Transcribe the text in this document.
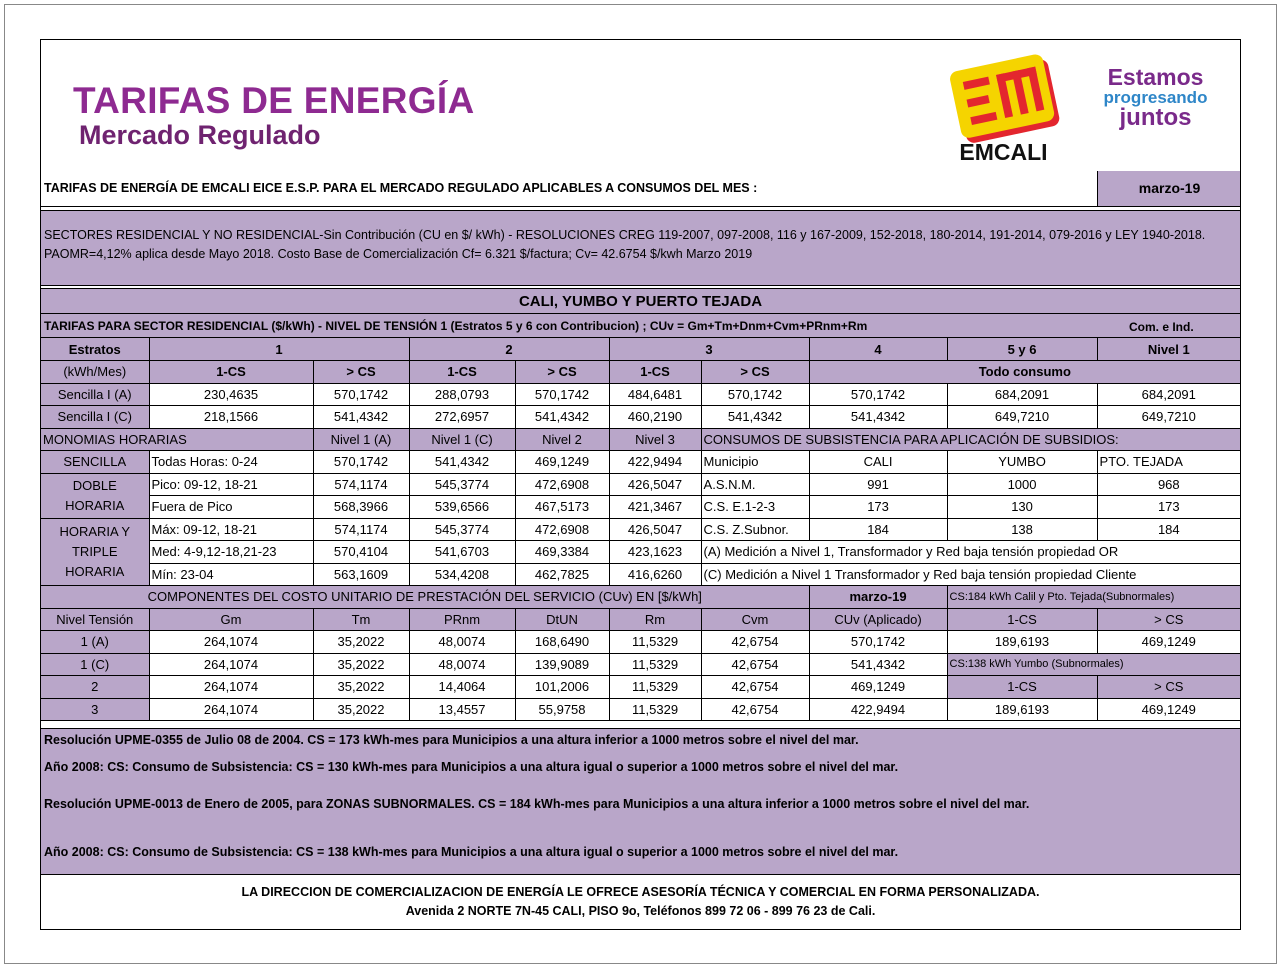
TARIFAS DE ENERGÍA
Mercado Regulado
EMCALI
Estamos
progresando
juntos
TARIFAS DE ENERGÍA DE EMCALI EICE E.S.P. PARA EL MERCADO REGULADO APLICABLES A CONSUMOS DEL MES :	marzo-19
SECTORES RESIDENCIAL Y NO RESIDENCIAL-Sin Contribución (CU en $/ kWh) - RESOLUCIONES CREG 119-2007, 097-2008, 116 y 167-2009, 152-2018, 180-2014, 191-2014, 079-2016 y LEY 1940-2018. PAOMR=4,12% aplica desde Mayo 2018. Costo Base de Comercialización Cf= 6.321 $/factura; Cv= 42.6754 $/kwh Marzo 2019
CALI, YUMBO Y PUERTO TEJADA
TARIFAS PARA SECTOR RESIDENCIAL ($/kWh) - NIVEL DE TENSIÓN 1 (Estratos 5 y 6 con Contribucion) ; CUv = Gm+Tm+Dnm+Cvm+PRnm+Rm	Com. e Ind.
Estratos	1		2		3		4	5 y 6	Nivel 1
(kWh/Mes)	1-CS	> CS	1-CS	> CS	1-CS	> CS	Todo consumo		
Sencilla I (A)	230,4635	570,1742	288,0793	570,1742	484,6481	570,1742	570,1742	684,2091	684,2091
Sencilla I (C)	218,1566	541,4342	272,6957	541,4342	460,2190	541,4342	541,4342	649,7210	649,7210
MONOMIAS HORARIAS		Nivel 1 (A)	Nivel 1 (C)	Nivel 2	Nivel 3	CONSUMOS DE SUBSISTENCIA PARA APLICACIÓN DE SUBSIDIOS:			
SENCILLA	Todas Horas: 0-24	570,1742	541,4342	469,1249	422,9494	Municipio	CALI	YUMBO	PTO. TEJADA

DOBLE
HORARIA	Pico: 09-12, 18-21	574,1174	545,3774	472,6908	426,5047	A.S.N.M.	991	1000	968
	Fuera de Pico	568,3966	539,6566	467,5173	421,3467	C.S. E.1-2-3	173	130	173

HORARIA Y
TRIPLE
HORARIA	Máx: 09-12, 18-21	574,1174	545,3774	472,6908	426,5047	C.S. Z.Subnor.	184	138	184
	Med: 4-9,12-18,21-23	570,4104	541,6703	469,3384	423,1623	(A) Medición a Nivel 1, Transformador y Red baja tensión propiedad OR			
	Mín: 23-04	563,1609	534,4208	462,7825	416,6260	(C) Medición a Nivel 1 Transformador y Red baja tensión propiedad Cliente			
COMPONENTES DEL COSTO UNITARIO DE PRESTACIÓN DEL SERVICIO (CUv) EN [$/kWh]							marzo-19	CS:184 kWh Calil y Pto. Tejada(Subnormales)	
Nivel Tensión	Gm	Tm	PRnm	DtUN	Rm	Cvm	CUv (Aplicado)	1-CS	> CS
1 (A)	264,1074	35,2022	48,0074	168,6490	11,5329	42,6754	570,1742	189,6193	469,1249
1 (C)	264,1074	35,2022	48,0074	139,9089	11,5329	42,6754	541,4342	CS:138 kWh Yumbo (Subnormales)	
2	264,1074	35,2022	14,4064	101,2006	11,5329	42,6754	469,1249	1-CS	> CS
3	264,1074	35,2022	13,4557	55,9758	11,5329	42,6754	422,9494	189,6193	469,1249
Resolución UPME-0355 de Julio 08 de 2004. CS = 173 kWh-mes para Municipios a una altura inferior a 1000 metros sobre el nivel del mar.
Año 2008: CS: Consumo de Subsistencia: CS = 130 kWh-mes para Municipios a una altura igual o superior a 1000 metros sobre el nivel del mar.
Resolución UPME-0013 de Enero de 2005, para ZONAS SUBNORMALES. CS = 184 kWh-mes para Municipios a una altura inferior a 1000 metros sobre el nivel del mar.
Año 2008: CS: Consumo de Subsistencia: CS = 138 kWh-mes para Municipios a una altura igual o superior a 1000 metros sobre el nivel del mar.
LA DIRECCION DE COMERCIALIZACION DE ENERGÍA LE OFRECE ASESORÍA TÉCNICA Y COMERCIAL EN FORMA PERSONALIZADA.
Avenida 2 NORTE 7N-45 CALI, PISO 9o, Teléfonos 899 72 06 - 899 76 23 de Cali.
